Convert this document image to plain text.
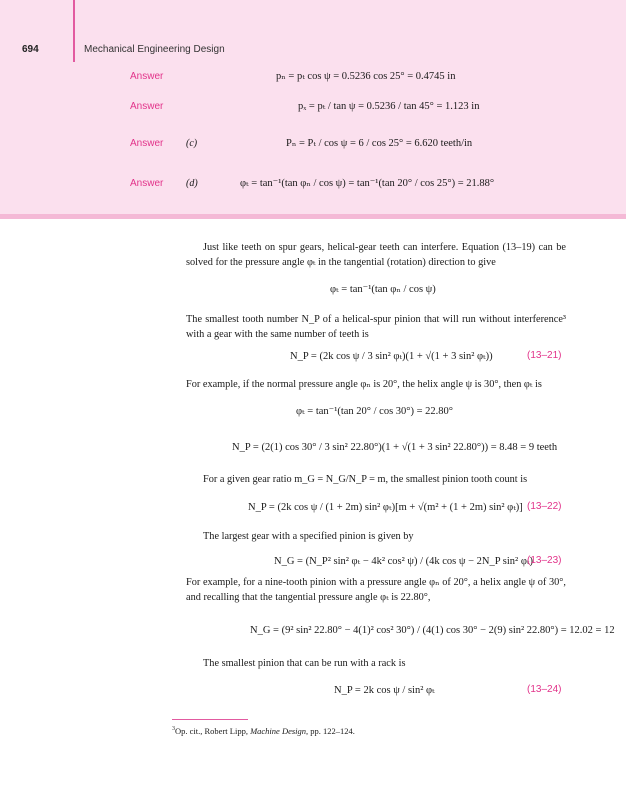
694	Mechanical Engineering Design
Answer	pₙ = pₜ cos ψ = 0.5236 cos 25° = 0.4745 in
Answer	pₓ = pₜ / tan ψ = 0.5236 / tan 45° = 1.123 in
Answer (c)	Pₙ = Pₜ / cos ψ = 6 / cos 25° = 6.620 teeth/in
Answer (d)	φₜ = tan⁻¹(tan φₙ / cos ψ) = tan⁻¹(tan 20° / cos 25°) = 21.88°
Just like teeth on spur gears, helical-gear teeth can interfere. Equation (13–19) can be solved for the pressure angle φₜ in the tangential (rotation) direction to give
φₜ = tan⁻¹(tan φₙ / cos ψ)
The smallest tooth number N_P of a helical-spur pinion that will run without interference³ with a gear with the same number of teeth is
N_P = (2k cos ψ / 3 sin² φₜ)(1 + √(1 + 3 sin² φₜ))	(13–21)
For example, if the normal pressure angle φₙ is 20°, the helix angle ψ is 30°, then φₜ is
φₜ = tan⁻¹(tan 20° / cos 30°) = 22.80°
N_P = (2(1) cos 30° / 3 sin² 22.80°)(1 + √(1 + 3 sin² 22.80°)) = 8.48 = 9 teeth
For a given gear ratio m_G = N_G/N_P = m, the smallest pinion tooth count is
N_P = (2k cos ψ / (1 + 2m) sin² φₜ)[m + √(m² + (1 + 2m) sin² φₜ)] (13–22)
The largest gear with a specified pinion is given by
N_G = (N_P² sin² φₜ − 4k² cos² ψ) / (4k cos ψ − 2N_P sin² φₜ)
(13–23)
For example, for a nine-tooth pinion with a pressure angle φₙ of 20°, a helix angle ψ of 30°, and recalling that the tangential pressure angle φₜ is 22.80°,
N_G = (9² sin² 22.80° − 4(1)² cos² 30°) / (4(1) cos 30° − 2(9) sin² 22.80°) = 12.02 = 12
The smallest pinion that can be run with a rack is
N_P = 2k cos ψ / sin² φₜ	(13–24)
$^3$Op. cit., Robert Lipp, Machine Design, pp. 122–124.
